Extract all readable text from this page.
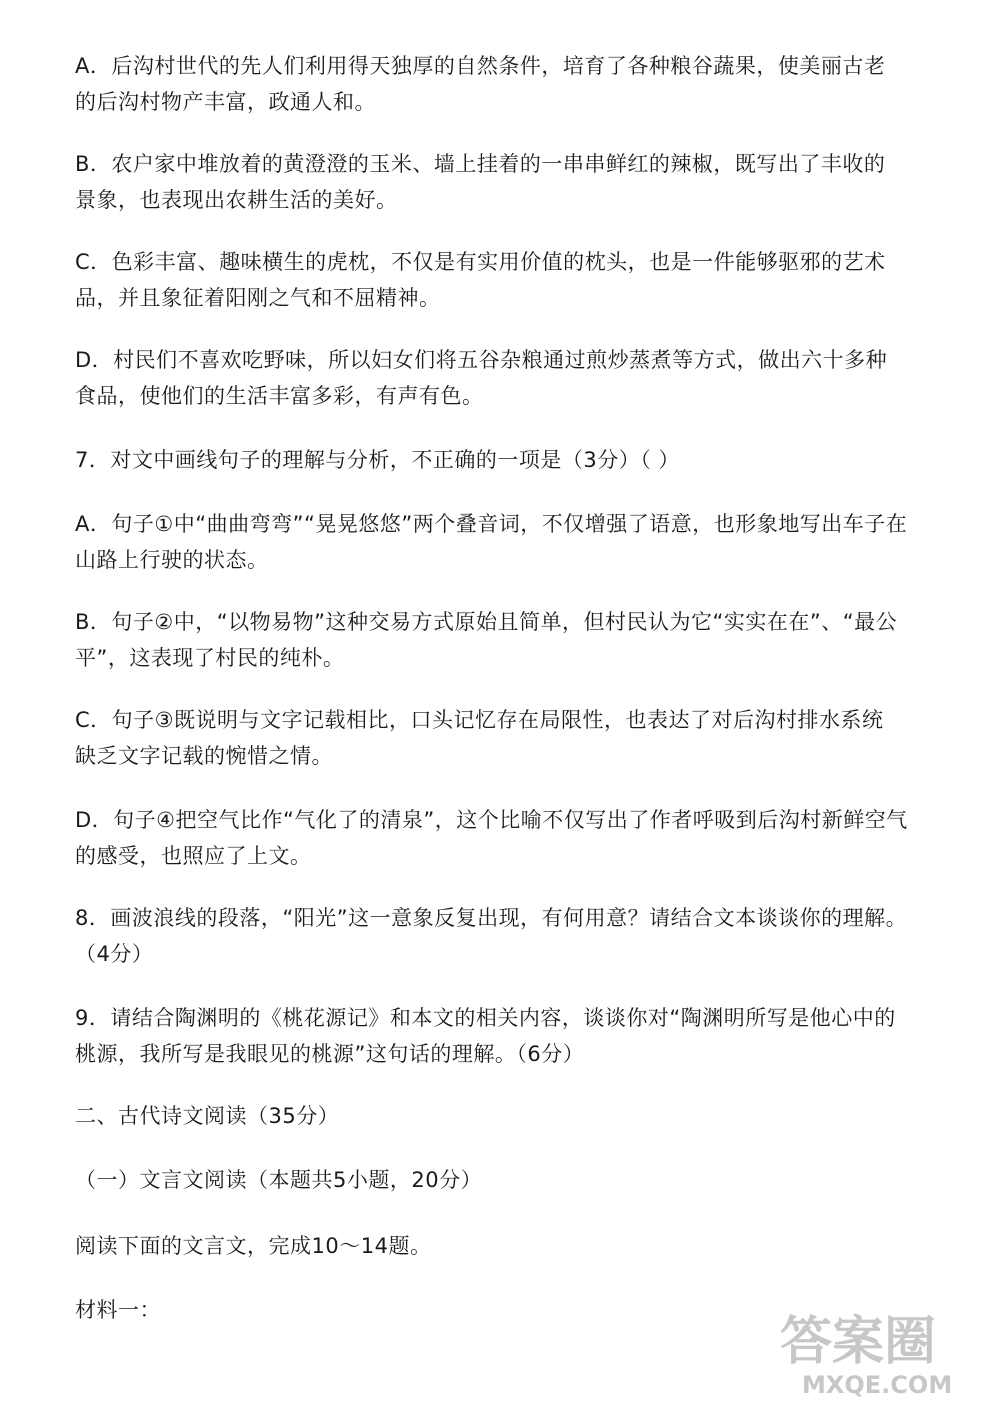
A．后沟村世代的先人们利用得天独厚的自然条件，培育了各种粮谷蔬果，使美丽古老
的后沟村物产丰富，政通人和。

B．农户家中堆放着的黄澄澄的玉米、墙上挂着的一串串鲜红的辣椒，既写出了丰收的
景象，也表现出农耕生活的美好。

C．色彩丰富、趣味横生的虎枕，不仅是有实用价值的枕头，也是一件能够驱邪的艺术
品，并且象征着阳刚之气和不屈精神。

D．村民们不喜欢吃野味，所以妇女们将五谷杂粮通过煎炒蒸煮等方式，做出六十多种
食品，使他们的生活丰富多彩，有声有色。

7．对文中画线句子的理解与分析，不正确的一项是（3分）（ ）

A．句子①中“曲曲弯弯”“晃晃悠悠”两个叠音词，不仅增强了语意，也形象地写出车子在
山路上行驶的状态。

B．句子②中，“以物易物”这种交易方式原始且简单，但村民认为它“实实在在”、“最公
平”，这表现了村民的纯朴。

C．句子③既说明与文字记载相比，口头记忆存在局限性，也表达了对后沟村排水系统
缺乏文字记载的惋惜之情。

D．句子④把空气比作“气化了的清泉”，这个比喻不仅写出了作者呼吸到后沟村新鲜空气
的感受，也照应了上文。

8．画波浪线的段落，“阳光”这一意象反复出现，有何用意？请结合文本谈谈你的理解。
（4分）

9．请结合陶渊明的《桃花源记》和本文的相关内容，谈谈你对“陶渊明所写是他心中的
桃源，我所写是我眼见的桃源”这句话的理解。（6分）

二、古代诗文阅读（35分）

（一）文言文阅读（本题共5小题，20分）

阅读下面的文言文，完成10～14题。

材料一：

答案圈
MXQE.COM
